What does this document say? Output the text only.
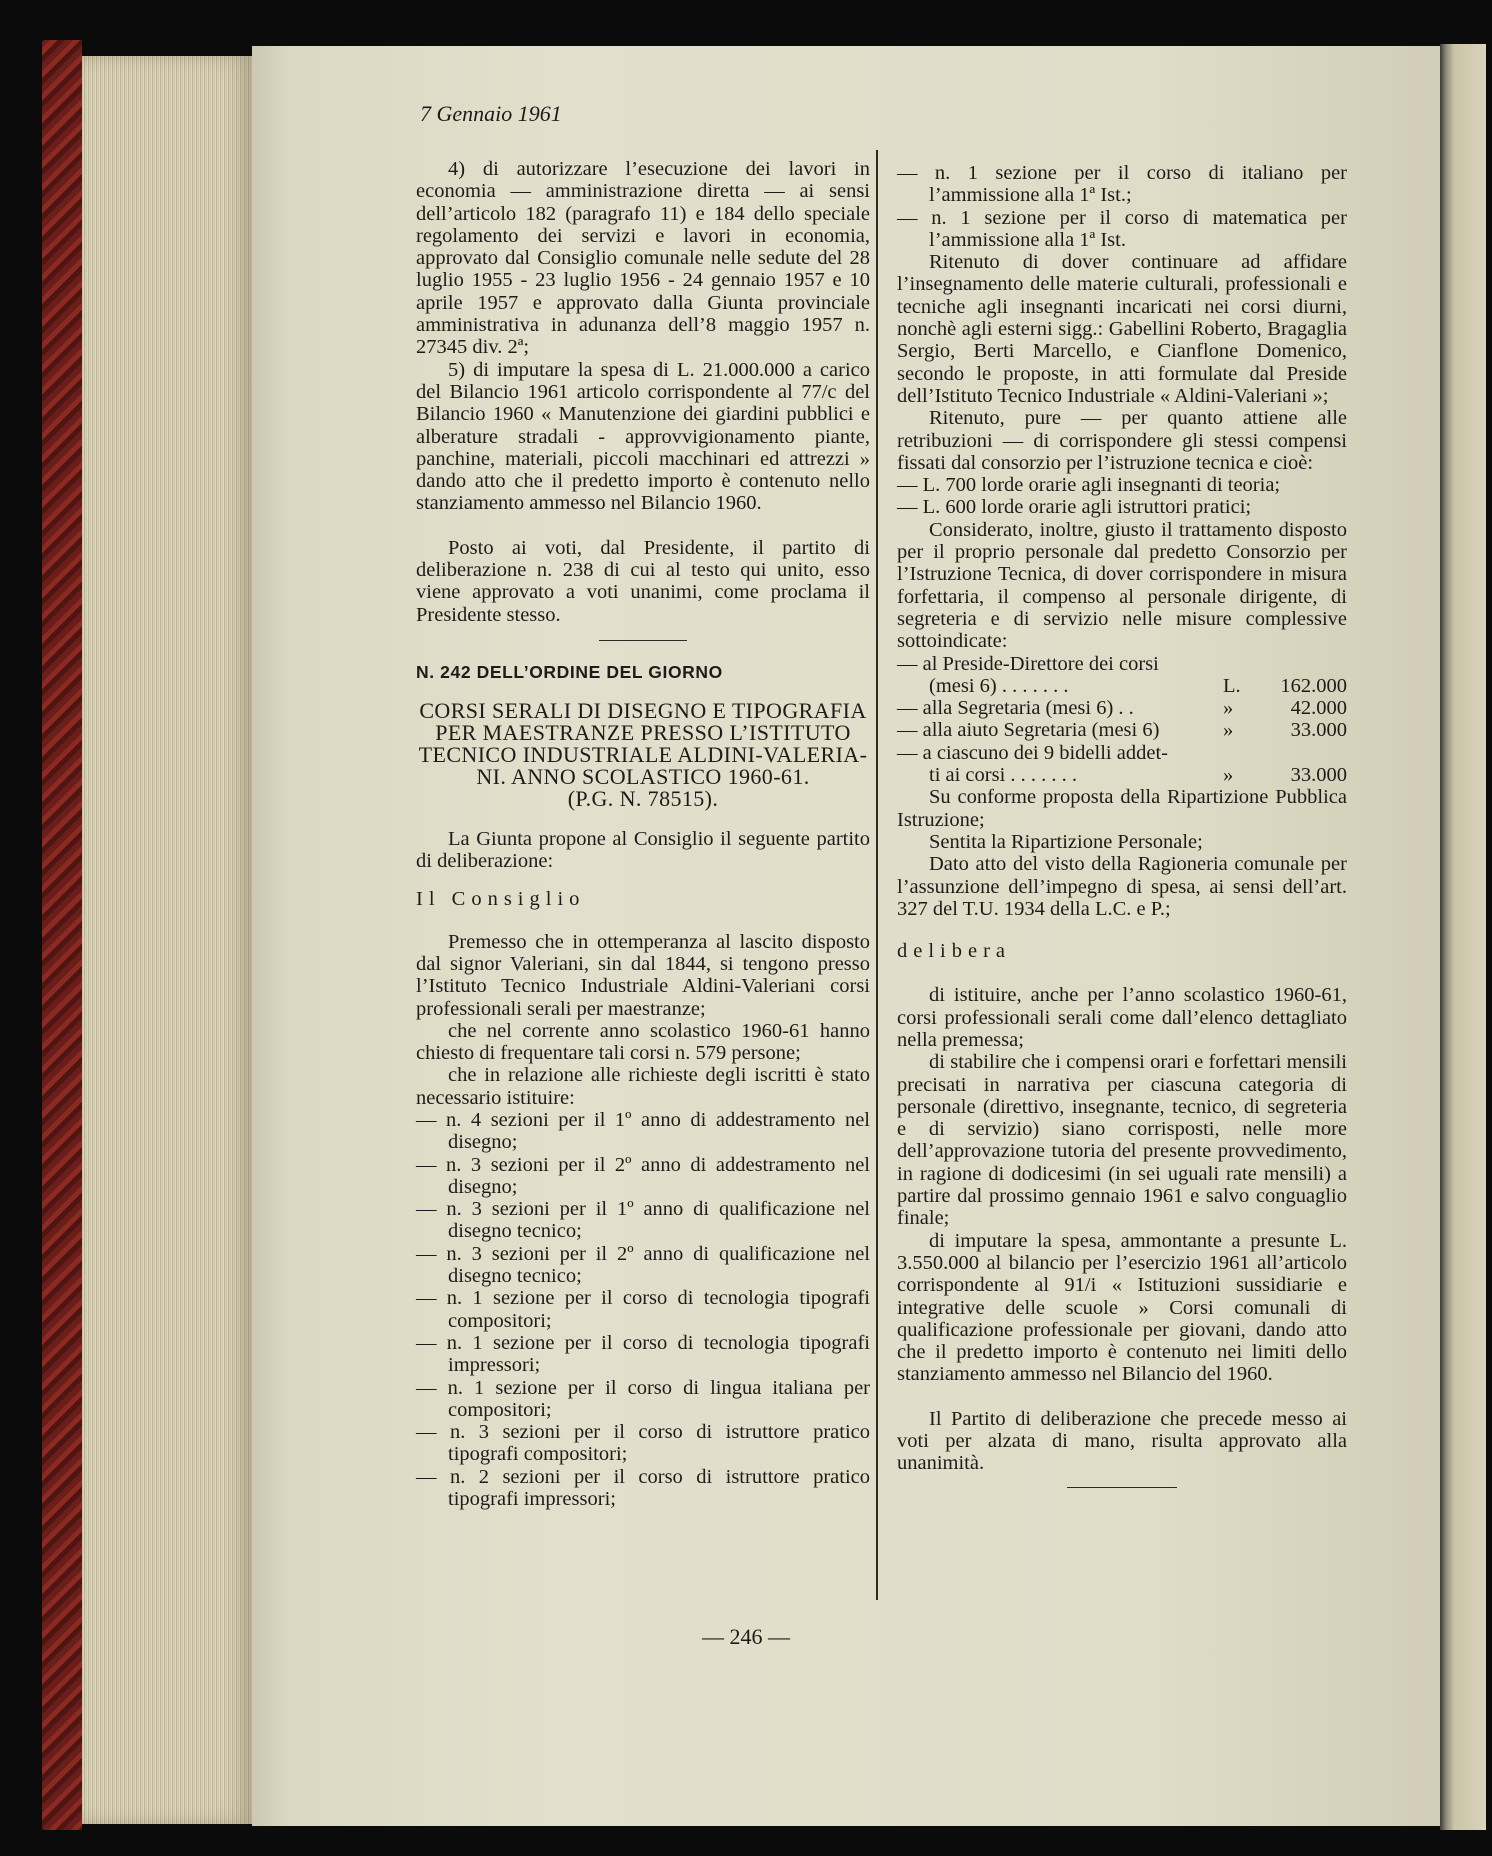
7 Gennaio 1961

4) di autorizzare l’esecuzione dei lavori in economia — amministrazione diretta — ai sensi dell’articolo 182 (paragrafo 11) e 184 dello speciale regolamento dei servizi e lavori in economia, approvato dal Consiglio comunale nelle sedute del 28 luglio 1955 - 23 luglio 1956 - 24 gennaio 1957 e 10 aprile 1957 e approvato dalla Giunta provinciale amministrativa in adunanza dell’8 maggio 1957 n. 27345 div. 2ª;

5) di imputare la spesa di L. 21.000.000 a carico del Bilancio 1961 articolo corrispondente al 77/c del Bilancio 1960 « Manutenzione dei giardini pubblici e alberature stradali - approvvigionamento piante, panchine, materiali, piccoli macchinari ed attrezzi » dando atto che il predetto importo è contenuto nello stanziamento ammesso nel Bilancio 1960.

Posto ai voti, dal Presidente, il partito di deliberazione n. 238 di cui al testo qui unito, esso viene approvato a voti unanimi, come proclama il Presidente stesso.

N. 242 DELL’ORDINE DEL GIORNO

CORSI SERALI DI DISEGNO E TIPOGRAFIA
PER MAESTRANZE PRESSO L’ISTITUTO
TECNICO INDUSTRIALE ALDINI-VALERIA-
NI. ANNO SCOLASTICO 1960-61.
(P.G. N. 78515).

La Giunta propone al Consiglio il seguente partito di deliberazione:

Il Consiglio

Premesso che in ottemperanza al lascito disposto dal signor Valeriani, sin dal 1844, si tengono presso l’Istituto Tecnico Industriale Aldini-Valeriani corsi professionali serali per maestranze;

che nel corrente anno scolastico 1960-61 hanno chiesto di frequentare tali corsi n. 579 persone;

che in relazione alle richieste degli iscritti è stato necessario istituire:

— n. 4 sezioni per il 1º anno di addestramento nel disegno;

— n. 3 sezioni per il 2º anno di addestramento nel disegno;

— n. 3 sezioni per il 1º anno di qualificazione nel disegno tecnico;

— n. 3 sezioni per il 2º anno di qualificazione nel disegno tecnico;

— n. 1 sezione per il corso di tecnologia tipografi compositori;

— n. 1 sezione per il corso di tecnologia tipografi impressori;

— n. 1 sezione per il corso di lingua italiana per compositori;

— n. 3 sezioni per il corso di istruttore pratico tipografi compositori;

— n. 2 sezioni per il corso di istruttore pratico tipografi impressori;

— n. 1 sezione per il corso di italiano per l’ammissione alla 1ª Ist.;

— n. 1 sezione per il corso di matematica per l’ammissione alla 1ª Ist.

Ritenuto di dover continuare ad affidare l’insegnamento delle materie culturali, professionali e tecniche agli insegnanti incaricati nei corsi diurni, nonchè agli esterni sigg.: Gabellini Roberto, Bragaglia Sergio, Berti Marcello, e Cianflone Domenico, secondo le proposte, in atti formulate dal Preside dell’Istituto Tecnico Industriale « Aldini-Valeriani »;

Ritenuto, pure — per quanto attiene alle retribuzioni — di corrispondere gli stessi compensi fissati dal consorzio per l’istruzione tecnica e cioè:

— L. 700 lorde orarie agli insegnanti di teoria;

— L. 600 lorde orarie agli istruttori pratici;

Considerato, inoltre, giusto il trattamento disposto per il proprio personale dal predetto Consorzio per l’Istruzione Tecnica, di dover corrispondere in misura forfettaria, il compenso al personale dirigente, di segreteria e di servizio nelle misure complessive sottoindicate:

— al Preside-Direttore dei corsi
(mesi 6) . . . . . . .	L.	162.000
— alla Segretaria (mesi 6) . .	»	42.000
— alla aiuto Segretaria (mesi 6)	»	33.000
— a ciascuno dei 9 bidelli addet-
ti ai corsi . . . . . . .	»	33.000

Su conforme proposta della Ripartizione Pubblica Istruzione;

Sentita la Ripartizione Personale;

Dato atto del visto della Ragioneria comunale per l’assunzione dell’impegno di spesa, ai sensi dell’art. 327 del T.U. 1934 della L.C. e P.;

delibera

di istituire, anche per l’anno scolastico 1960-61, corsi professionali serali come dall’elenco dettagliato nella premessa;

di stabilire che i compensi orari e forfettari mensili precisati in narrativa per ciascuna categoria di personale (direttivo, insegnante, tecnico, di segreteria e di servizio) siano corrisposti, nelle more dell’approvazione tutoria del presente provvedimento, in ragione di dodicesimi (in sei uguali rate mensili) a partire dal prossimo gennaio 1961 e salvo conguaglio finale;

di imputare la spesa, ammontante a presunte L. 3.550.000 al bilancio per l’esercizio 1961 all’articolo corrispondente al 91/i « Istituzioni sussidiarie e integrative delle scuole » Corsi comunali di qualificazione professionale per giovani, dando atto che il predetto importo è contenuto nei limiti dello stanziamento ammesso nel Bilancio del 1960.

Il Partito di deliberazione che precede messo ai voti per alzata di mano, risulta approvato alla unanimità.

— 246 —
